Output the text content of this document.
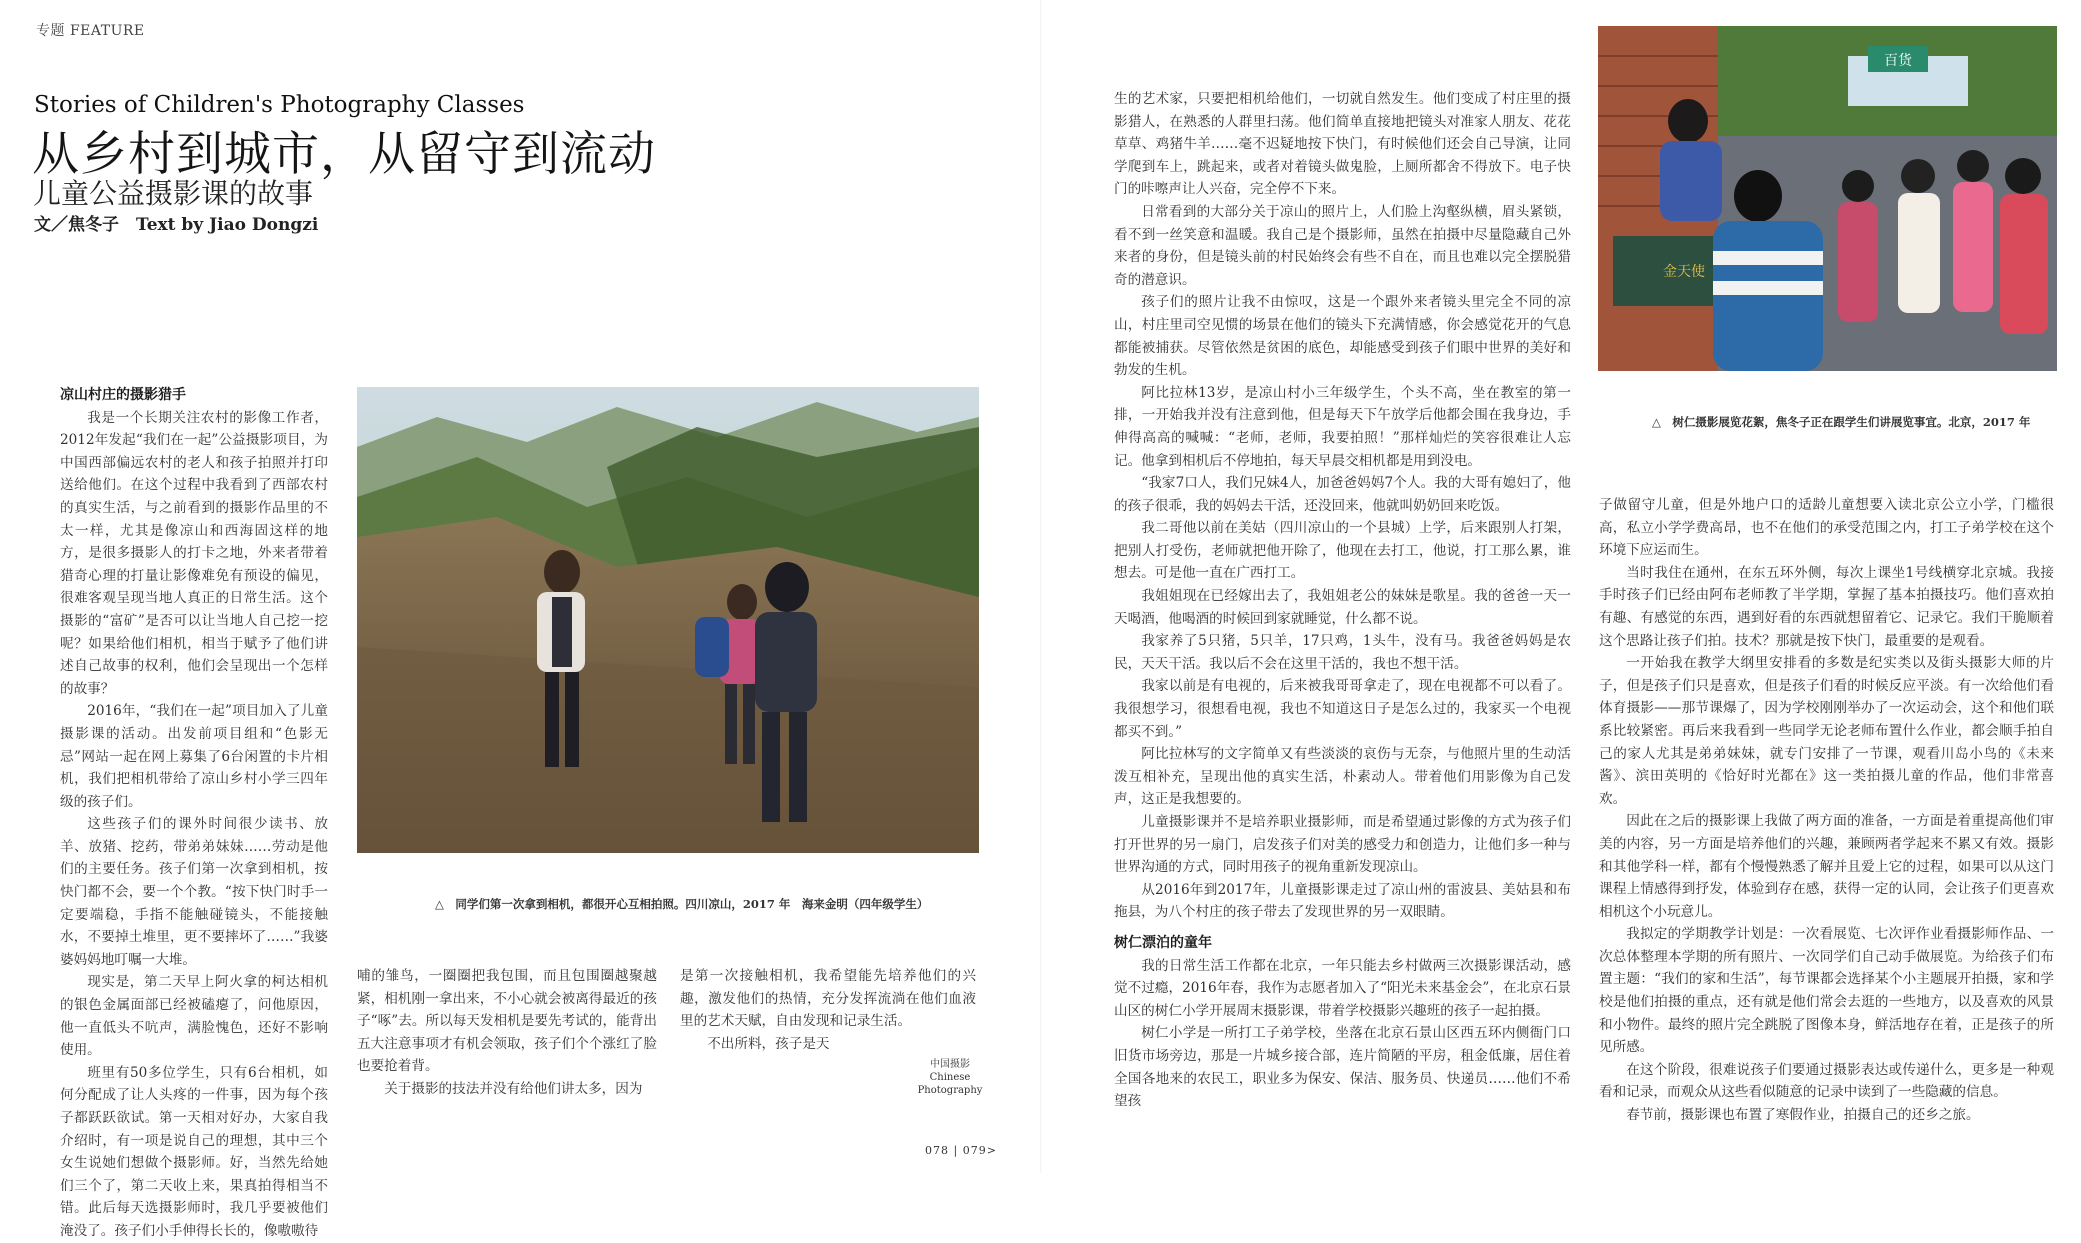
专题 FEATURE
Stories of Children's Photography Classes
从乡村到城市，从留守到流动
儿童公益摄影课的故事
文／焦冬子　Text by Jiao Dongzi
凉山村庄的摄影猎手

我是一个长期关注农村的影像工作者，2012年发起“我们在一起”公益摄影项目，为中国西部偏远农村的老人和孩子拍照并打印送给他们。在这个过程中我看到了西部农村的真实生活，与之前看到的摄影作品里的不太一样，尤其是像凉山和西海固这样的地方，是很多摄影人的打卡之地，外来者带着猎奇心理的打量让影像难免有预设的偏见，很难客观呈现当地人真正的日常生活。这个摄影的“富矿”是否可以让当地人自己挖一挖呢？如果给他们相机，相当于赋予了他们讲述自己故事的权利，他们会呈现出一个怎样的故事？

2016年，“我们在一起”项目加入了儿童摄影课的活动。出发前项目组和“色影无忌”网站一起在网上募集了6台闲置的卡片相机，我们把相机带给了凉山乡村小学三四年级的孩子们。

这些孩子们的课外时间很少读书、放羊、放猪、挖药，带弟弟妹妹……劳动是他们的主要任务。孩子们第一次拿到相机，按快门都不会，要一个个教。“按下快门时手一定要端稳，手指不能触碰镜头，不能接触水，不要掉土堆里，更不要摔坏了……”我婆婆妈妈地叮嘱一大堆。

现实是，第二天早上阿火拿的柯达相机的银色金属面部已经被磕瘪了，问他原因，他一直低头不吭声，满脸愧色，还好不影响使用。

班里有50多位学生，只有6台相机，如何分配成了让人头疼的一件事，因为每个孩子都跃跃欲试。第一天相对好办，大家自我介绍时，有一项是说自己的理想，其中三个女生说她们想做个摄影师。好，当然先给她们三个了，第二天收上来，果真拍得相当不错。此后每天选摄影师时，我几乎要被他们淹没了。孩子们小手伸得长长的，像嗷嗷待

△　同学们第一次拿到相机，都很开心互相拍照。四川凉山，2017 年　海来金明（四年级学生）

哺的雏鸟，一圈圈把我包围，而且包围圈越聚越紧，相机刚一拿出来，不小心就会被离得最近的孩子“啄”去。所以每天发相机是要先考试的，能背出五大注意事项才有机会领取，孩子们个个涨红了脸也要抢着背。

关于摄影的技法并没有给他们讲太多，因为

是第一次接触相机，我希望能先培养他们的兴趣，激发他们的热情，充分发挥流淌在他们血液里的艺术天赋，自由发现和记录生活。

不出所料，孩子是天

中国摄影
Chinese
Photography

生的艺术家，只要把相机给他们，一切就自然发生。他们变成了村庄里的摄影猎人，在熟悉的人群里扫荡。他们简单直接地把镜头对准家人朋友、花花草草、鸡猪牛羊……毫不迟疑地按下快门，有时候他们还会自己导演，让同学爬到车上，跳起来，或者对着镜头做鬼脸，上厕所都舍不得放下。电子快门的咔嚓声让人兴奋，完全停不下来。

日常看到的大部分关于凉山的照片上，人们脸上沟壑纵横，眉头紧锁，看不到一丝笑意和温暖。我自己是个摄影师，虽然在拍摄中尽量隐藏自己外来者的身份，但是镜头前的村民始终会有些不自在，而且也难以完全摆脱猎奇的潜意识。

孩子们的照片让我不由惊叹，这是一个跟外来者镜头里完全不同的凉山，村庄里司空见惯的场景在他们的镜头下充满情感，你会感觉花开的气息都能被捕获。尽管依然是贫困的底色，却能感受到孩子们眼中世界的美好和勃发的生机。

阿比拉林13岁，是凉山村小三年级学生，个头不高，坐在教室的第一排，一开始我并没有注意到他，但是每天下午放学后他都会围在我身边，手伸得高高的喊喊：“老师，老师，我要拍照！”那样灿烂的笑容很难让人忘记。他拿到相机后不停地拍，每天早晨交相机都是用到没电。

“我家7口人，我们兄妹4人，加爸爸妈妈7个人。我的大哥有媳妇了，他的孩子很乖，我的妈妈去干活，还没回来，他就叫奶奶回来吃饭。

我二哥他以前在美姑（四川凉山的一个县城）上学，后来跟别人打架，把别人打受伤，老师就把他开除了，他现在去打工，他说，打工那么累，谁想去。可是他一直在广西打工。

我姐姐现在已经嫁出去了，我姐姐老公的妹妹是歌星。我的爸爸一天一天喝酒，他喝酒的时候回到家就睡觉，什么都不说。

我家养了5只猪，5只羊，17只鸡，1头牛，没有马。我爸爸妈妈是农民，天天干活。我以后不会在这里干活的，我也不想干活。

我家以前是有电视的，后来被我哥哥拿走了，现在电视都不可以看了。我很想学习，很想看电视，我也不知道这日子是怎么过的，我家买一个电视都买不到。”

阿比拉林写的文字简单又有些淡淡的哀伤与无奈，与他照片里的生动活泼互相补充，呈现出他的真实生活，朴素动人。带着他们用影像为自己发声，这正是我想要的。

儿童摄影课并不是培养职业摄影师，而是希望通过影像的方式为孩子们打开世界的另一扇门，启发孩子们对美的感受力和创造力，让他们多一种与世界沟通的方式，同时用孩子的视角重新发现凉山。

从2016年到2017年，儿童摄影课走过了凉山州的雷波县、美姑县和布拖县，为八个村庄的孩子带去了发现世界的另一双眼睛。

树仁漂泊的童年

我的日常生活工作都在北京，一年只能去乡村做两三次摄影课活动，感觉不过瘾，2016年春，我作为志愿者加入了“阳光未来基金会”，在北京石景山区的树仁小学开展周末摄影课，带着学校摄影兴趣班的孩子一起拍摄。

树仁小学是一所打工子弟学校，坐落在北京石景山区西五环内侧衙门口旧货市场旁边，那是一片城乡接合部，连片简陋的平房，租金低廉，居住着全国各地来的农民工，职业多为保安、保洁、服务员、快递员……他们不希望孩

百货
金天使
△　树仁摄影展览花絮，焦冬子正在跟学生们讲展览事宜。北京，2017 年

子做留守儿童，但是外地户口的适龄儿童想要入读北京公立小学，门槛很高，私立小学学费高昂，也不在他们的承受范围之内，打工子弟学校在这个环境下应运而生。

当时我住在通州，在东五环外侧，每次上课坐1号线横穿北京城。我接手时孩子们已经由阿布老师教了半学期，掌握了基本拍摄技巧。他们喜欢拍有趣、有感觉的东西，遇到好看的东西就想留着它、记录它。我们干脆顺着这个思路让孩子们拍。技术？那就是按下快门，最重要的是观看。

一开始我在教学大纲里安排看的多数是纪实类以及街头摄影大师的片子，但是孩子们只是喜欢，但是孩子们看的时候反应平淡。有一次给他们看体育摄影——那节课爆了，因为学校刚刚举办了一次运动会，这个和他们联系比较紧密。再后来我看到一些同学无论老师布置什么作业，都会顺手拍自己的家人尤其是弟弟妹妹，就专门安排了一节课，观看川岛小鸟的《未来酱》、滨田英明的《恰好时光都在》这一类拍摄儿童的作品，他们非常喜欢。

因此在之后的摄影课上我做了两方面的准备，一方面是着重提高他们审美的内容，另一方面是培养他们的兴趣，兼顾两者学起来不累又有效。摄影和其他学科一样，都有个慢慢熟悉了解并且爱上它的过程，如果可以从这门课程上情感得到抒发，体验到存在感，获得一定的认同，会让孩子们更喜欢相机这个小玩意儿。

我拟定的学期教学计划是：一次看展览、七次评作业看摄影师作品、一次总体整理本学期的所有照片、一次同学们自己动手做展览。为给孩子们布置主题：“我们的家和生活”，每节课都会选择某个小主题展开拍摄，家和学校是他们拍摄的重点，还有就是他们常会去逛的一些地方，以及喜欢的风景和小物件。最终的照片完全跳脱了图像本身，鲜活地存在着，正是孩子的所见所感。

在这个阶段，很难说孩子们要通过摄影表达或传递什么，更多是一种观看和记录，而观众从这些看似随意的记录中读到了一些隐藏的信息。

春节前，摄影课也布置了寒假作业，拍摄自己的还乡之旅。

078 | 079>
